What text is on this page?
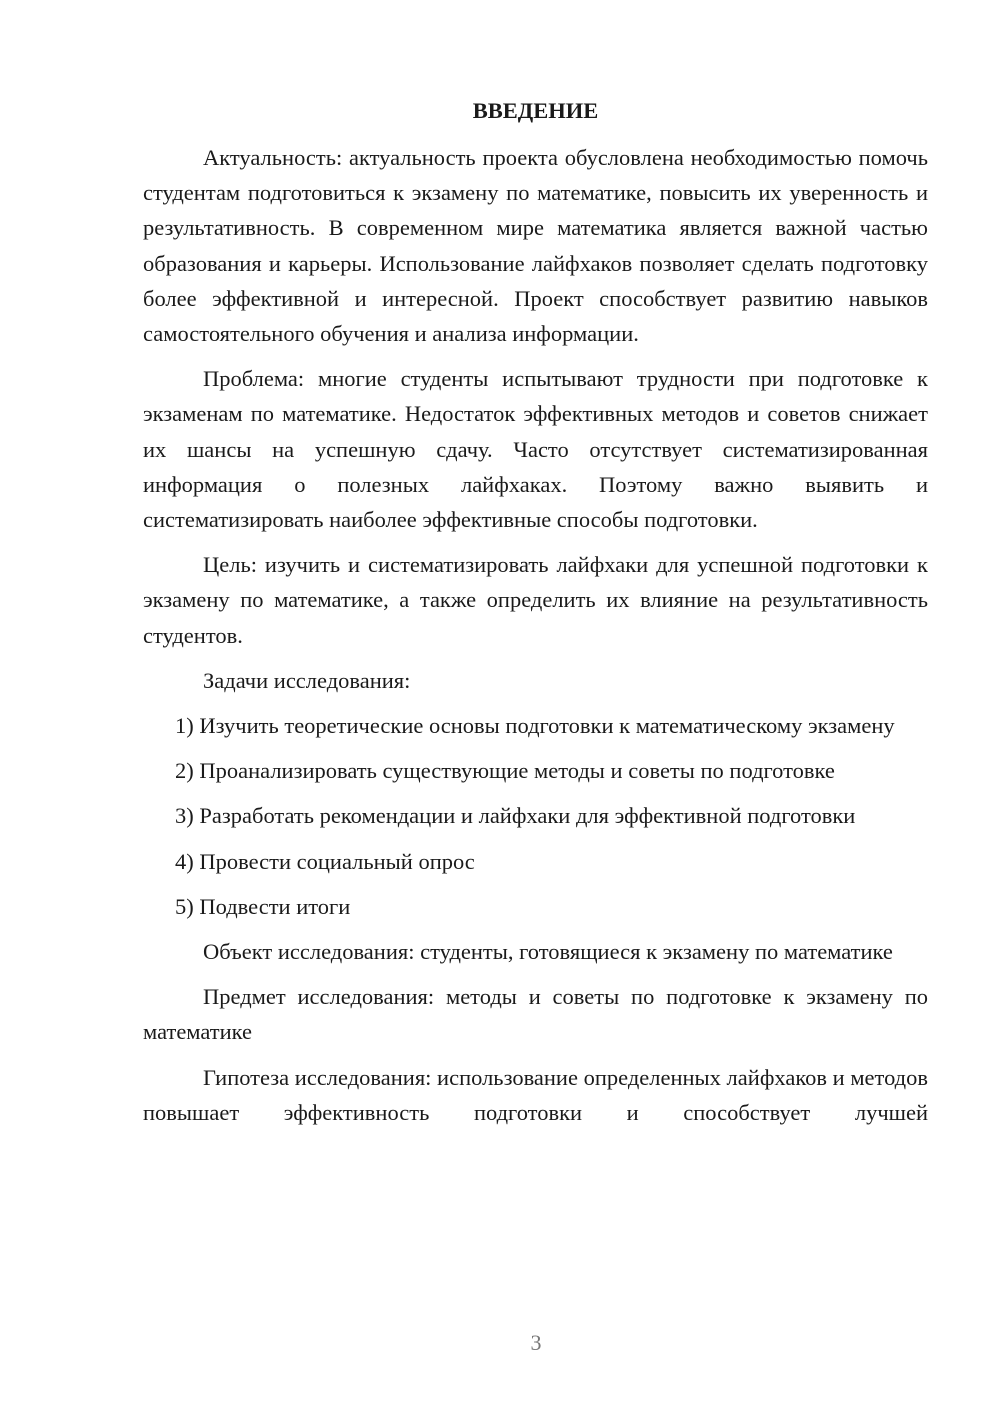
ВВЕДЕНИЕ

Актуальность: актуальность проекта обусловлена необходимостью помочь студентам подготовиться к экзамену по математике, повысить их уверенность и результативность. В современном мире математика является важной частью образования и карьеры. Использование лайфхаков позволяет сделать подготовку более эффективной и интересной. Проект способствует развитию навыков самостоятельного обучения и анализа информации.

Проблема: многие студенты испытывают трудности при подготовке к экзаменам по математике. Недостаток эффективных методов и советов снижает их шансы на успешную сдачу. Часто отсутствует систематизированная информация о полезных лайфхаках. Поэтому важно выявить и систематизировать наиболее эффективные способы подготовки.

Цель: изучить и систематизировать лайфхаки для успешной подготовки к экзамену по математике, а также определить их влияние на результативность студентов.

Задачи исследования:

1) Изучить теоретические основы подготовки к математическому экзамену

2) Проанализировать существующие методы и советы по подготовке

3) Разработать рекомендации и лайфхаки для эффективной подготовки

4) Провести социальный опрос

5) Подвести итоги

Объект исследования: студенты, готовящиеся к экзамену по математике

Предмет исследования: методы и советы по подготовке к экзамену по математике

Гипотеза исследования: использование определенных лайфхаков и методов повышает эффективность подготовки и способствует лучшей

3
